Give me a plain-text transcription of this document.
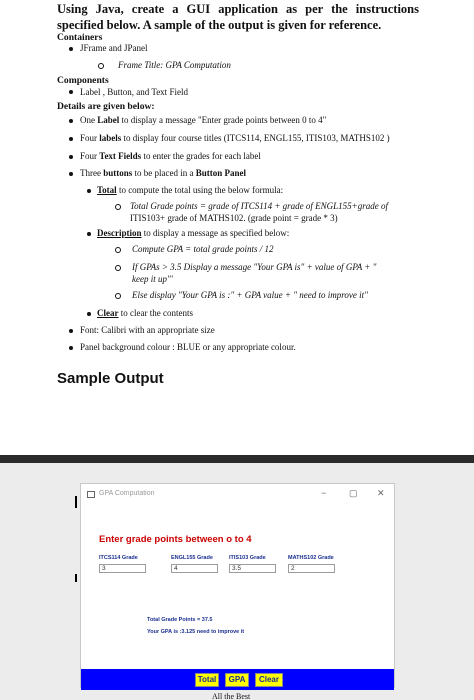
Using Java, create a GUI application as per the instructions specified below. A sample of the output is given for reference.
Containers
JFrame and JPanel
Frame Title: GPA Computation
Components
Label , Button, and Text Field
Details are given below:
One Label to display a message "Enter grade points between 0 to 4"
Four labels to display four course titles (ITCS114, ENGL155, ITIS103, MATHS102 )
Four Text Fields to enter the grades for each label
Three buttons to be placed in a Button Panel
Total to compute the total using the below formula:
Total Grade points = grade of ITCS114 + grade of ENGL155+grade of
ITIS103+ grade of MATHS102. (grade point = grade * 3)
Description to display a message as specified below:
Compute GPA = total grade points / 12
If GPAs > 3.5 Display a message "Your GPA is" + value of GPA + "
keep it up"'
Else display "Your GPA is :" + GPA value + " need to improve it"
Clear to clear the contents
Font: Calibri with an appropriate size
Panel background colour : BLUE or any appropriate colour.
Sample Output
GPA Computation	−	▢ ✕
Enter grade points between o to 4
ITCS114 Grade	ENGL155 Grade	ITIS103 Grade	MATHS102 Grade
3	4	3.5	2
Total Grade Points = 37.5
Your GPA is :3.125 need to improve it
Total	GPA	Clear
All the Best
